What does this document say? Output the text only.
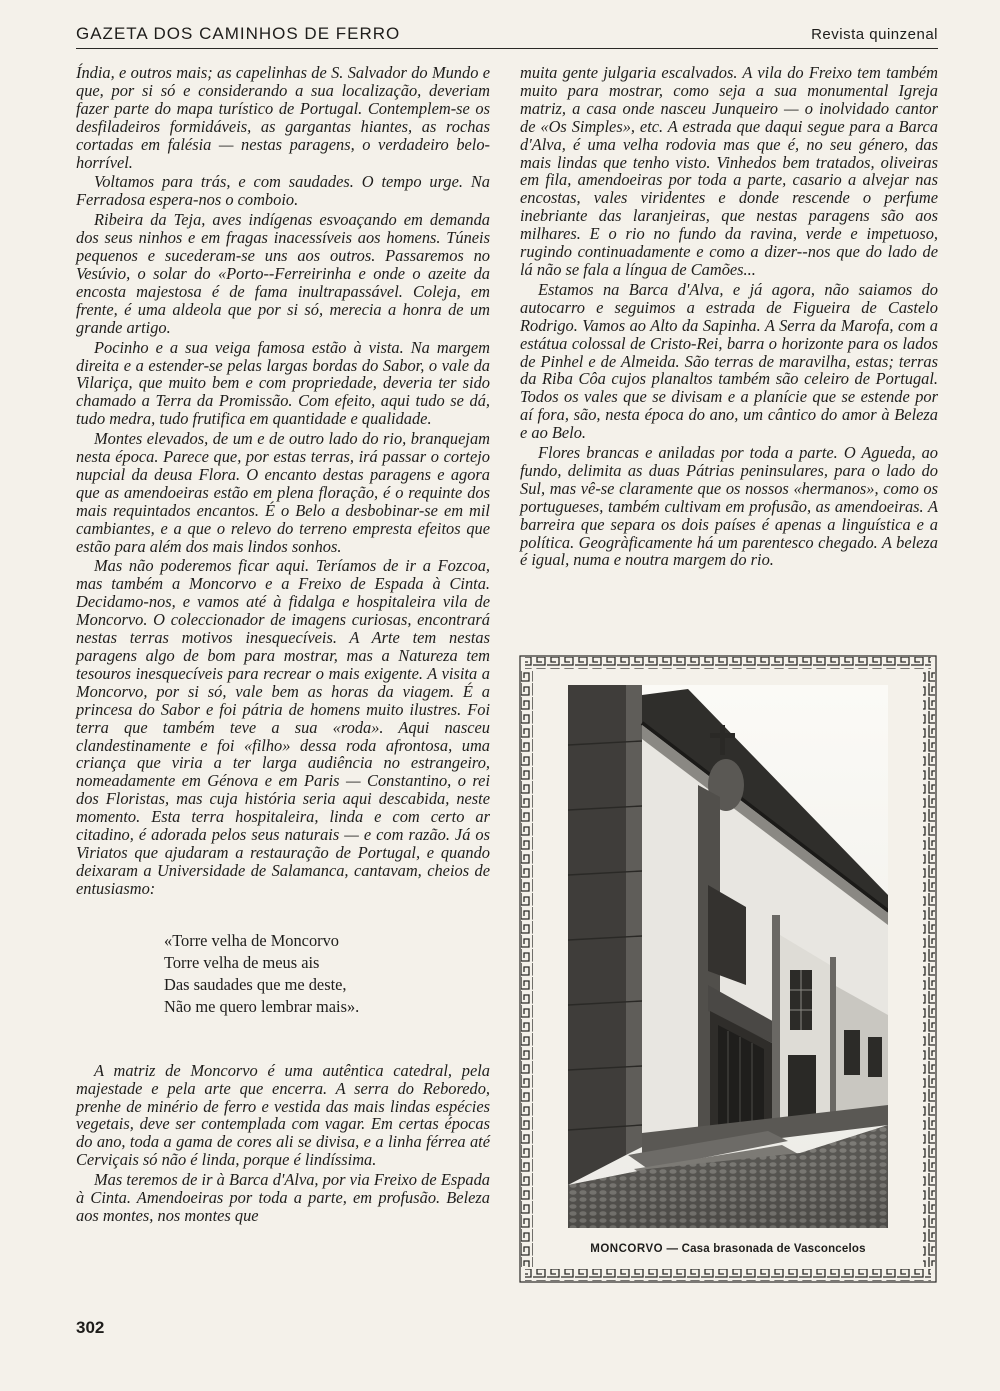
GAZETA DOS CAMINHOS DE FERRO	Revista quinzenal

Índia, e outros mais; as capelinhas de S. Salvador do Mundo e que, por si só e considerando a sua localização, deveriam fazer parte do mapa turístico de Portugal. Contemplem-se os desfiladeiros formidáveis, as gargantas hiantes, as rochas cortadas em falésia — nestas paragens, o verdadeiro belo-horrível.

Voltamos para trás, e com saudades. O tempo urge. Na Ferradosa espera-nos o comboio.

Ribeira da Teja, aves indígenas esvoaçando em demanda dos seus ninhos e em fragas inacessíveis aos homens. Túneis pequenos e sucederam-se uns aos outros. Passaremos no Vesúvio, o solar do «Porto--Ferreirinha e onde o azeite da encosta majestosa é de fama inultrapassável. Coleja, em frente, é uma aldeola que por si só, merecia a honra de um grande artigo.

Pocinho e a sua veiga famosa estão à vista. Na margem direita e a estender-se pelas largas bordas do Sabor, o vale da Vilariça, que muito bem e com propriedade, deveria ter sido chamado a Terra da Promissão. Com efeito, aqui tudo se dá, tudo medra, tudo frutifica em quantidade e qualidade.

Montes elevados, de um e de outro lado do rio, branquejam nesta época. Parece que, por estas terras, irá passar o cortejo nupcial da deusa Flora. O encanto destas paragens e agora que as amendoeiras estão em plena floração, é o requinte dos mais requintados encantos. É o Belo a desbobinar-se em mil cambiantes, e a que o relevo do terreno empresta efeitos que estão para além dos mais lindos sonhos.

Mas não poderemos ficar aqui. Teríamos de ir a Fozcoa, mas também a Moncorvo e a Freixo de Espada à Cinta. Decidamo-nos, e vamos até à fidalga e hospitaleira vila de Moncorvo. O coleccionador de imagens curiosas, encontrará nestas terras motivos inesquecíveis. A Arte tem nestas paragens algo de bom para mostrar, mas a Natureza tem tesouros inesquecíveis para recrear o mais exigente. A visita a Moncorvo, por si só, vale bem as horas da viagem. É a princesa do Sabor e foi pátria de homens muito ilustres. Foi terra que também teve a sua «roda». Aqui nasceu clandestinamente e foi «filho» dessa roda afrontosa, uma criança que viria a ter larga audiência no estrangeiro, nomeadamente em Génova e em Paris — Constantino, o rei dos Floristas, mas cuja história seria aqui descabida, neste momento. Esta terra hospitaleira, linda e com certo ar citadino, é adorada pelos seus naturais — e com razão. Já os Viriatos que ajudaram a restauração de Portugal, e quando deixaram a Universidade de Salamanca, cantavam, cheios de entusiasmo:

«Torre velha de Moncorvo
Torre velha de meus ais
Das saudades que me deste,
Não me quero lembrar mais».

A matriz de Moncorvo é uma autêntica catedral, pela majestade e pela arte que encerra. A serra do Reboredo, prenhe de minério de ferro e vestida das mais lindas espécies vegetais, deve ser contemplada com vagar. Em certas épocas do ano, toda a gama de cores ali se divisa, e a linha férrea até Cerviçais só não é linda, porque é lindíssima.

Mas teremos de ir à Barca d'Alva, por via Freixo de Espada à Cinta. Amendoeiras por toda a parte, em profusão. Beleza aos montes, nos montes que

muita gente julgaria escalvados. A vila do Freixo tem também muito para mostrar, como seja a sua monumental Igreja matriz, a casa onde nasceu Junqueiro — o inolvidado cantor de «Os Simples», etc. A estrada que daqui segue para a Barca d'Alva, é uma velha rodovia mas que é, no seu género, das mais lindas que tenho visto. Vinhedos bem tratados, oliveiras em fila, amendoeiras por toda a parte, casario a alvejar nas encostas, vales viridentes e donde rescende o perfume inebriante das laranjeiras, que nestas paragens são aos milhares. E o rio no fundo da ravina, verde e impetuoso, rugindo continuadamente e como a dizer--nos que do lado de lá não se fala a língua de Camões...

Estamos na Barca d'Alva, e já agora, não saiamos do autocarro e seguimos a estrada de Figueira de Castelo Rodrigo. Vamos ao Alto da Sapinha. A Serra da Marofa, com a estátua colossal de Cristo-Rei, barra o horizonte para os lados de Pinhel e de Almeida. São terras de maravilha, estas; terras da Riba Côa cujos planaltos também são celeiro de Portugal. Todos os vales que se divisam e a planície que se estende por aí fora, são, nesta época do ano, um cântico do amor à Beleza e ao Belo.

Flores brancas e aniladas por toda a parte. O Agueda, ao fundo, delimita as duas Pátrias peninsulares, para o lado do Sul, mas vê-se claramente que os nossos «hermanos», como os portugueses, também cultivam em profusão, as amendoeiras. A barreira que separa os dois países é apenas a linguística e a política. Geogràficamente há um parentesco chegado. A beleza é igual, numa e noutra margem do rio.

MONCORVO — Casa brasonada de Vasconcelos
302
